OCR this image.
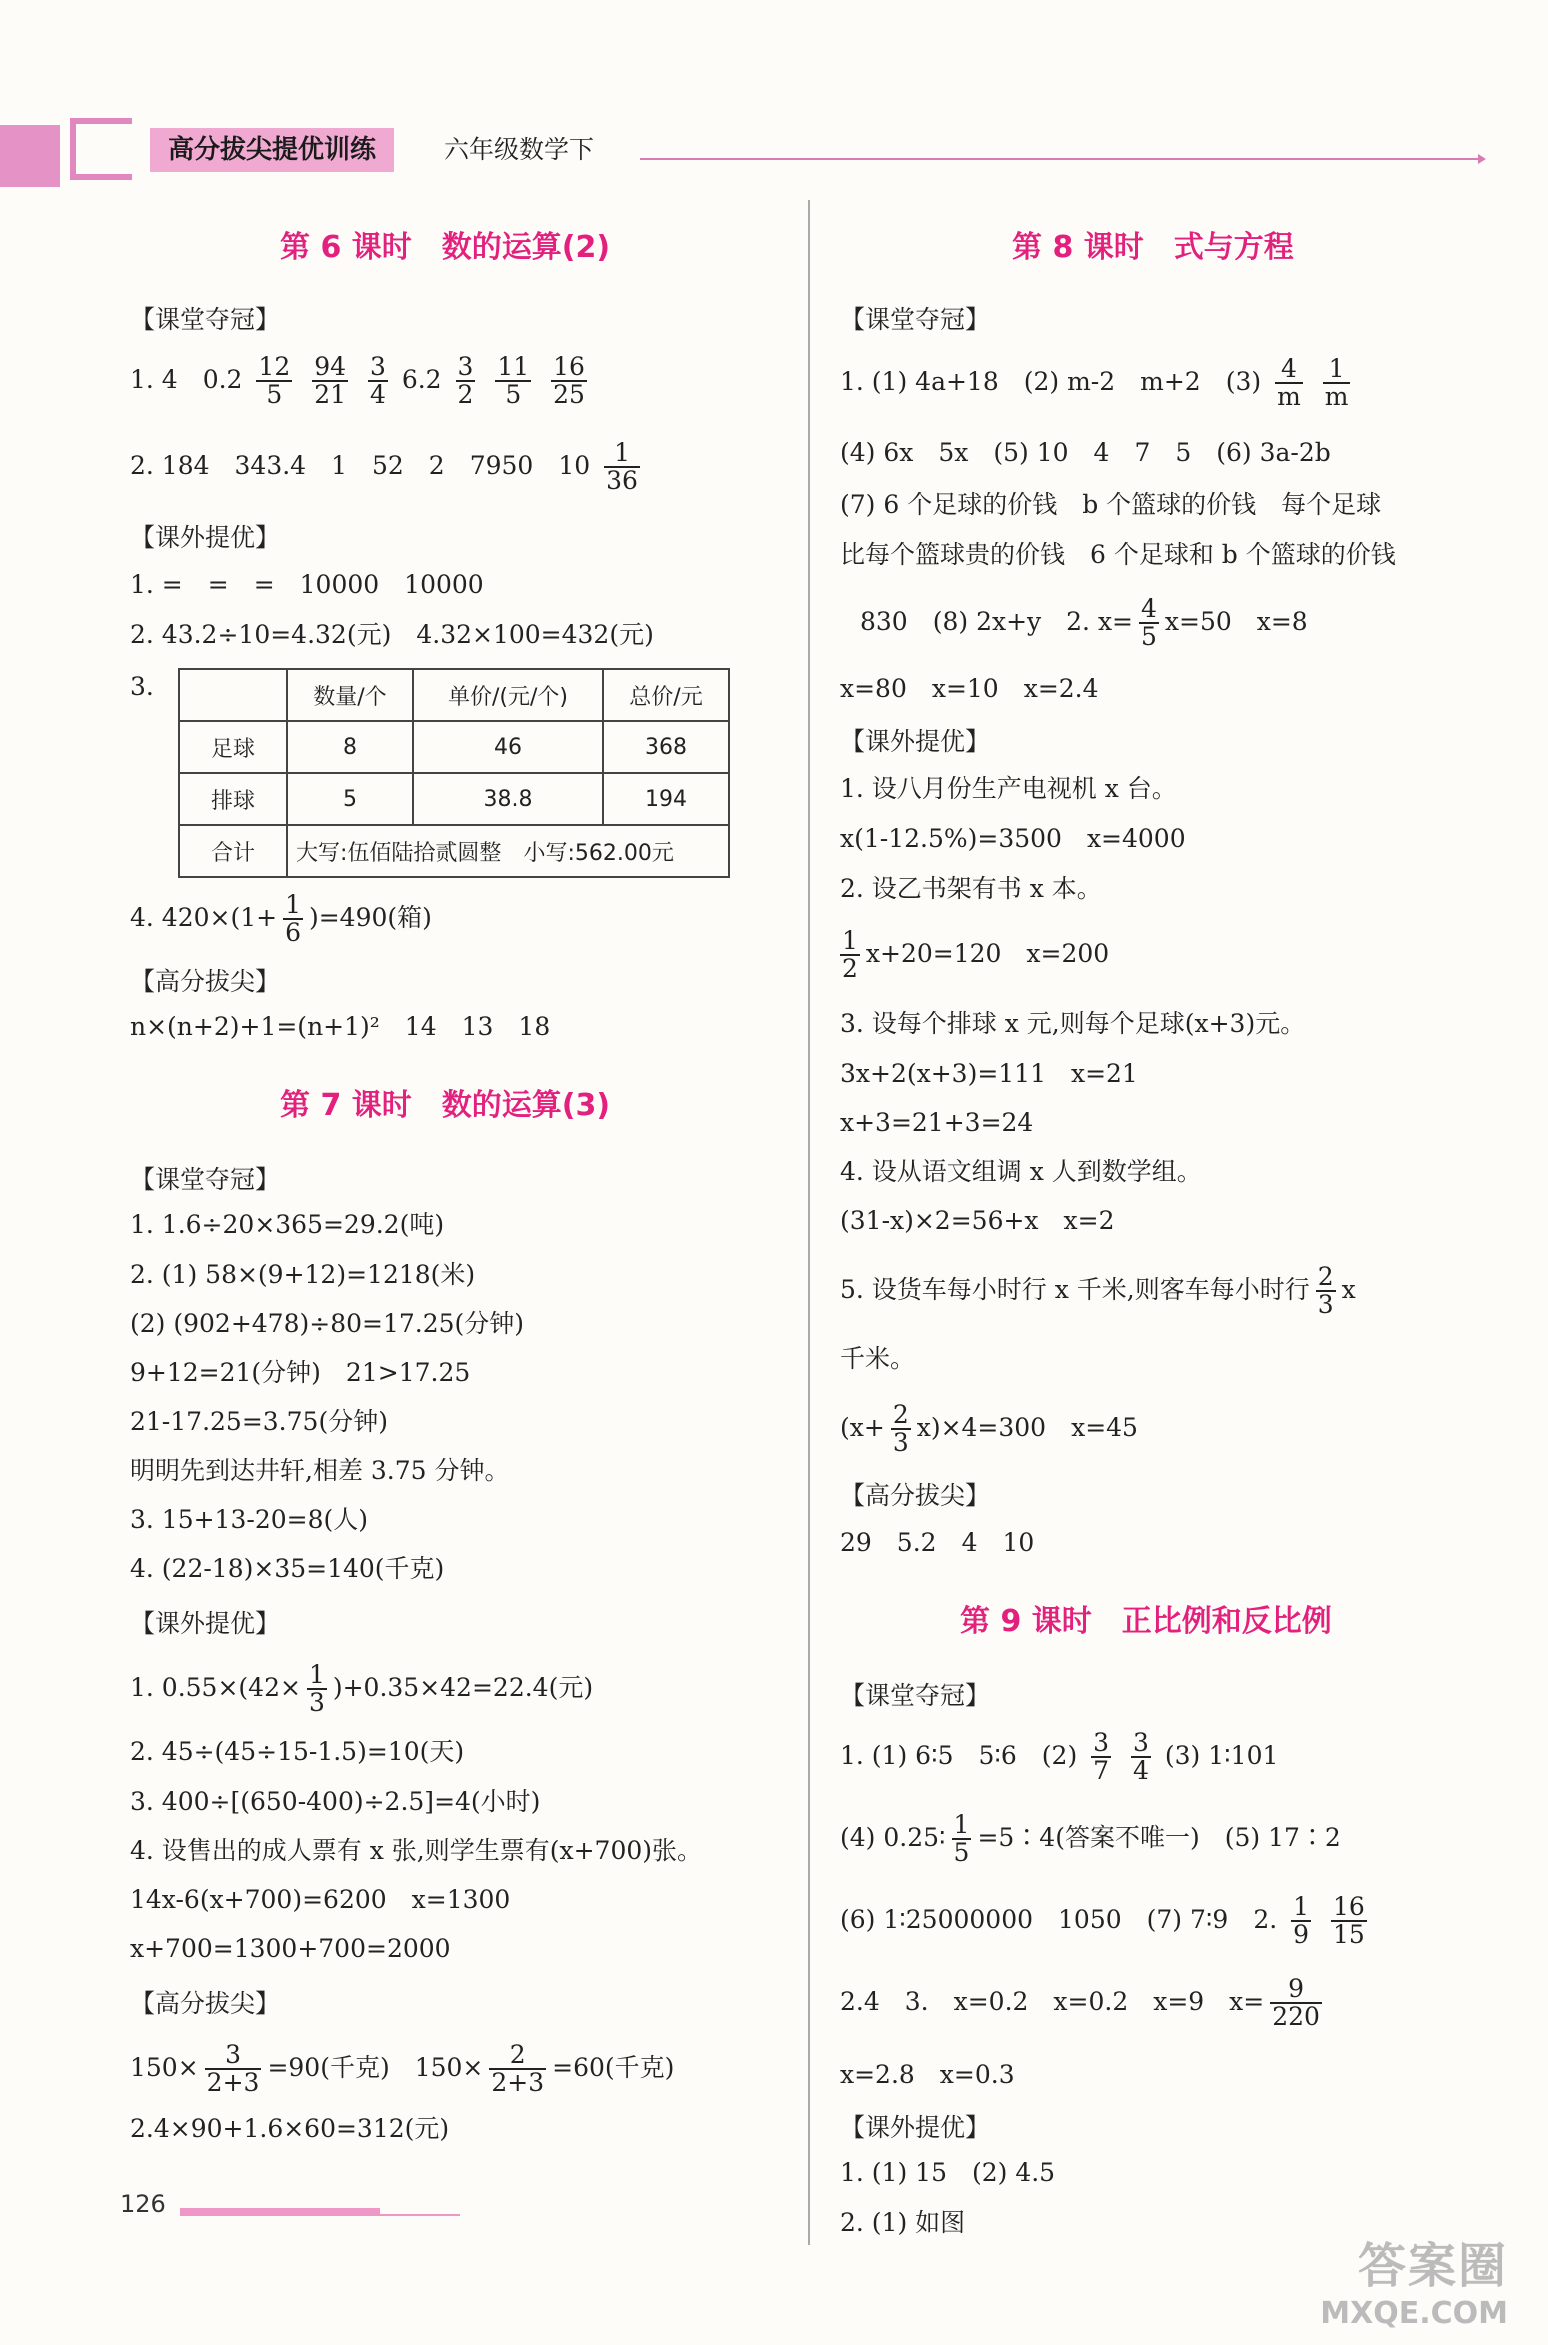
高分拔尖提优训练	六年级数学下
第 6 课时　数的运算(2)
【课堂夺冠】
1. 4　$0.2 \frac{12}{5}$
$\frac{94}{21}$
$\frac{3}{4} 6.2 \frac{3}{2}$
$\frac{11}{5}$
$\frac{16}{25}$
2. 184　343.4　1　52　2　7950　$10 \frac{1}{36}$
【课外提优】
1. =　=　=　10000　10000
2. 43.2÷10=4.32(元)　4.32×100=432(元)
3.
		数量/个	单价/(元/个)	总价/元
足球	8	46	368
排球	5	38.8	194
合计	大写:伍佰陆拾贰圆整　 小写:562.00元		
4. $420\times(1+ \frac{1}{6} )=490$(箱)
【高分拔尖】
n×(n+2)+1=(n+1)²　14　13　18
第 7 课时　数的运算(3)
【课堂夺冠】
1. 1.6÷20×365=29.2(吨)
2. (1) 58×(9+12)=1218(米)
(2) (902+478)÷80=17.25(分钟)
9+12=21(分钟)　21>17.25
21-17.25=3.75(分钟)
明明先到达井轩,相差 3.75 分钟。
3. 15+13-20=8(人)
4. (22-18)×35=140(千克)
【课外提优】
1. $0.55\times(42\times \frac{1}{3} )+0.35\times 42=22.4$(元)
2. 45÷(45÷15-1.5)=10(天)
3. 400÷[(650-400)÷2.5]=4(小时)
4. 设售出的成人票有 x 张,则学生票有(x+700)张。
14x-6(x+700)=6200　x=1300
x+700=1300+700=2000
【高分拔尖】
$150\times \frac{3}{2+3} =90$(千克)　$150\times \frac{2}{2+3} =60$(千克)
2.4×90+1.6×60=312(元)
第 8 课时　式与方程
【课堂夺冠】
1. (1) 4a+18　(2) m-2　m+2　$(3) \frac{4}{m}$
$\frac{1}{m}$
(4) 6x　5x　(5) 10　4　7　5　(6) 3a-2b
(7) 6 个足球的价钱　b 个篮球的价钱　每个足球
比每个篮球贵的价钱　6 个足球和 b 个篮球的价钱
830　(8) 2x+y　2. $x= \frac{4}{5} x=50$　x=8
x=80　x=10　x=2.4
【课外提优】
1. 设八月份生产电视机 x 台。
x(1-12.5%)=3500　x=4000
2. 设乙书架有书 x 本。
$\frac{1}{2} x+20=120$　x=200
3. 设每个排球 x 元,则每个足球(x+3)元。
3x+2(x+3)=111　x=21
x+3=21+3=24
4. 设从语文组调 x 人到数学组。
(31-x)×2=56+x　x=2
5. 设货车每小时行 x 千米,则客车每小时行 $\frac{2}{3}$ x
千米。
$(x+ \frac{2}{3} x)\times 4=300$　x=45
【高分拔尖】
29　5.2　4　10
第 9 课时　正比例和反比例
【课堂夺冠】
1. (1) 6∶5　5∶6　$(2) \frac{3}{7}$
$\frac{3}{4} (3)$ 1∶101
(4) 0.25∶ $\frac{1}{5}$ =5∶4(答案不唯一)　(5) 17∶2
(6) 1∶25000000　1050　(7) 7∶9　2. $\frac{1}{9}$
$\frac{16}{15}$
2.4　3.　x=0.2　x=0.2　x=9　$x= \frac{9}{220}$
x=2.8　x=0.3
【课外提优】
1. (1) 15　(2) 4.5
2. (1) 如图
126
答案圈
MXQE.COM
